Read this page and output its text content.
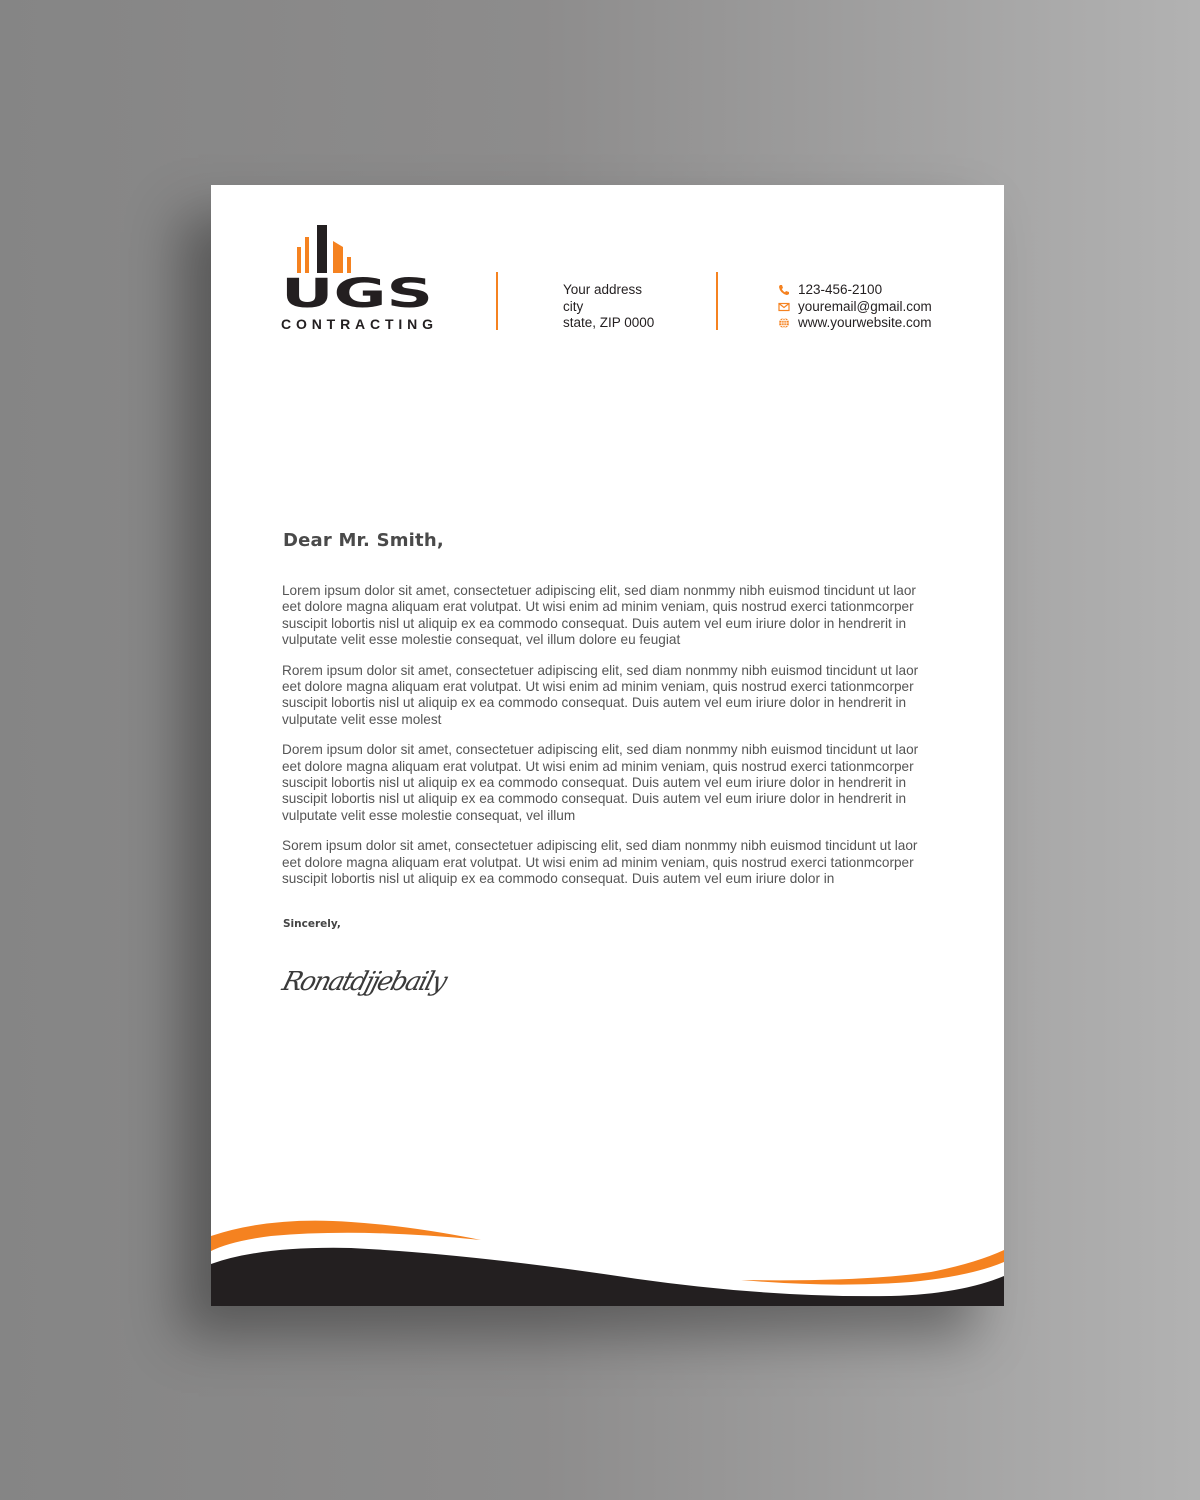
UGS
CONTRACTING
Your address
city
state, ZIP 0000
123-456-2100
youremail@gmail.com
www.yourwebsite.com
Dear Mr. Smith,
Lorem ipsum dolor sit amet, consectetuer adipiscing elit, sed diam nonmmy nibh euismod tincidunt ut laor
eet dolore magna aliquam erat volutpat. Ut wisi enim ad minim veniam, quis nostrud exerci tationmcorper
suscipit lobortis nisl ut aliquip ex ea commodo consequat. Duis autem vel eum iriure dolor in hendrerit in
vulputate velit esse molestie consequat, vel illum dolore eu feugiat
Rorem ipsum dolor sit amet, consectetuer adipiscing elit, sed diam nonmmy nibh euismod tincidunt ut laor
eet dolore magna aliquam erat volutpat. Ut wisi enim ad minim veniam, quis nostrud exerci tationmcorper
suscipit lobortis nisl ut aliquip ex ea commodo consequat. Duis autem vel eum iriure dolor in hendrerit in
vulputate velit esse molest
Dorem ipsum dolor sit amet, consectetuer adipiscing elit, sed diam nonmmy nibh euismod tincidunt ut laor
eet dolore magna aliquam erat volutpat. Ut wisi enim ad minim veniam, quis nostrud exerci tationmcorper
suscipit lobortis nisl ut aliquip ex ea commodo consequat. Duis autem vel eum iriure dolor in hendrerit in
suscipit lobortis nisl ut aliquip ex ea commodo consequat. Duis autem vel eum iriure dolor in hendrerit in
vulputate velit esse molestie consequat, vel illum
Sorem ipsum dolor sit amet, consectetuer adipiscing elit, sed diam nonmmy nibh euismod tincidunt ut laor
eet dolore magna aliquam erat volutpat. Ut wisi enim ad minim veniam, quis nostrud exerci tationmcorper
suscipit lobortis nisl ut aliquip ex ea commodo consequat. Duis autem vel eum iriure dolor in
Sincerely,
Ronatdjjebaily
